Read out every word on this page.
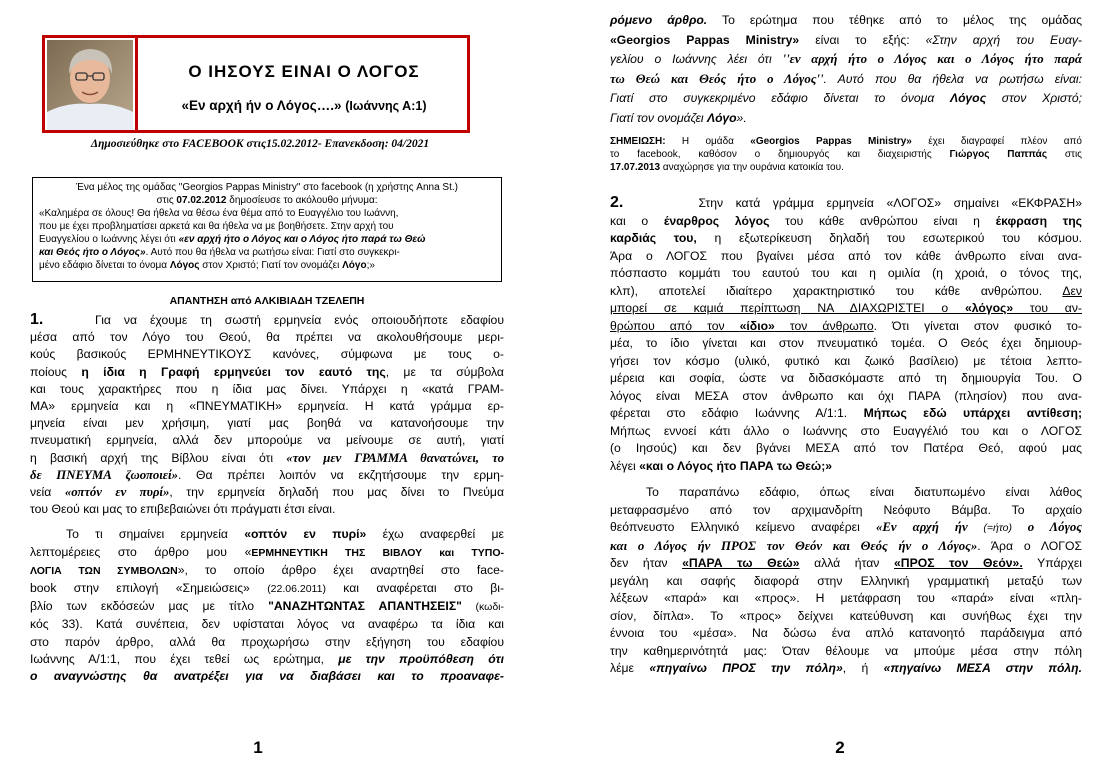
Ο ΙΗΣΟΥΣ ΕΙΝΑΙ Ο ΛΟΓΟΣ
«Εν αρχή ήν ο Λόγος….» (Ιωάννης Α:1)
Δημοσιεύθηκε στο FACEBOOK στις15.02.2012- Επανεκδοση: 04/2021

Ένα μέλος της ομάδας "Georgios Pappas Ministry" στο facebook (η χρήστης Anna St.)

στις 07.02.2012 δημοσίευσε το ακόλουθο μήνυμα:

«Καλημέρα σε όλους! Θα ήθελα να θέσω ένα θέμα από το Ευαγγέλιο του Ιωάννη,

που με έχει προβληματίσει αρκετά και θα ήθελα να με βοηθήσετε. Στην αρχή του

Ευαγγελίου ο Ιωάννης λέγει ότι «εν αρχή ήτο ο Λόγος και ο Λόγος ήτο παρά τω Θεώ

και Θεός ήτο ο Λόγος». Αυτό που θα ήθελα να ρωτήσω είναι: Γιατί στο συγκεκρι-

μένο εδάφιο δίνεται το όνομα Λόγος στον Χριστό; Γιατί τον ονομάζει Λόγο;»

ΑΠΑΝΤΗΣΗ από ΑΛΚΙΒΙΑΔΗ ΤΖΕΛΕΠΗ
1.	Για να έχουμε τη σωστή ερμηνεία ενός οποιουδήποτε εδαφίου
μέσα από τον Λόγο του Θεού, θα πρέπει να ακολουθήσουμε μερι-
κούς βασικούς ΕΡΜΗΝΕΥΤΙΚΟΥΣ κανόνες, σύμφωνα με τους ο-
ποίους η ίδια η Γραφή ερμηνεύει τον εαυτό της, με τα σύμβολα
και τους χαρακτήρες που η ίδια μας δίνει. Υπάρχει η «κατά ΓΡΑΜ-
ΜΑ» ερμηνεία και η «ΠΝΕΥΜΑΤΙΚΗ» ερμηνεία. Η κατά γράμμα ερ-
μηνεία είναι μεν χρήσιμη, γιατί μας βοηθά να κατανοήσουμε την
πνευματική ερμηνεία, αλλά δεν μπορούμε να μείνουμε σε αυτή, γιατί
η βασική αρχή της Βίβλου είναι ότι «τον μεν ΓΡΑΜΜΑ θανατώνει, το
δε ΠΝΕΥΜΑ ζωοποιεί». Θα πρέπει λοιπόν να εκζητήσουμε την ερμη-
νεία «οπτόν εν πυρί», την ερμηνεία δηλαδή που μας δίνει το Πνεύμα
του Θεού και μας το επιβεβαιώνει ότι πράγματι έτσι είναι.
Το τι σημαίνει ερμηνεία «οπτόν εν πυρί» έχω αναφερθεί με
λεπτομέρειες στο άρθρο μου «ΕΡΜΗΝΕΥΤΙΚΗ ΤΗΣ ΒΙΒΛΟΥ και ΤΥΠΟ-
ΛΟΓΙΑ ΤΩΝ ΣΥΜΒΟΛΩΝ», το οποίο άρθρο έχει αναρτηθεί στο face-
book στην επιλογή «Σημειώσεις» (22.06.2011) και αναφέρεται στο βι-
βλίο των εκδόσεών μας με τίτλο "ΑΝΑΖΗΤΩΝΤΑΣ ΑΠΑΝΤΗΣΕΙΣ" (κωδι-
κός 33). Κατά συνέπεια, δεν υφίσταται λόγος να αναφέρω τα ίδια και
στο παρόν άρθρο, αλλά θα προχωρήσω στην εξήγηση του εδαφίου
Ιωάννης Α/1:1, που έχει τεθεί ως ερώτημα, με την προϋπόθεση ότι
ο αναγνώστης θα ανατρέξει για να διαβάσει και το προαναφε-
1
ρόμενο άρθρο. Το ερώτημα που τέθηκε από το μέλος της ομάδας
«Georgios Pappas Ministry» είναι το εξής: «Στην αρχή του Ευαγ-
γελίου ο Ιωάννης λέει ότι ''εν αρχή ήτο ο Λόγος και ο Λόγος ήτο παρά
τω Θεώ και Θεός ήτο ο Λόγος''. Αυτό που θα ήθελα να ρωτήσω είναι:
Γιατί στο συγκεκριμένο εδάφιο δίνεται το όνομα Λόγος στον Χριστό;
Γιατί τον ονομάζει Λόγο».
ΣΗΜΕΙΩΣΗ: Η ομάδα «Georgios Pappas Ministry» έχει διαγραφεί πλέον από
το facebook, καθόσον ο δημιουργός και διαχειριστής Γιώργος Παππάς στις
17.07.2013 αναχώρησε για την ουράνια κατοικία του.
2.	Στην κατά γράμμα ερμηνεία «ΛΟΓΟΣ» σημαίνει «ΕΚΦΡΑΣΗ»
και ο έναρθρος λόγος του κάθε ανθρώπου είναι η έκφραση της
καρδιάς του, η εξωτερίκευση δηλαδή του εσωτερικού του κόσμου.
Άρα ο ΛΟΓΟΣ που βγαίνει μέσα από τον κάθε άνθρωπο είναι ανα-
πόσπαστο κομμάτι του εαυτού του και η ομιλία (η χροιά, ο τόνος της,
κλπ), αποτελεί ιδιαίτερο χαρακτηριστικό του κάθε ανθρώπου. Δεν
μπορεί σε καμιά περίπτωση ΝΑ ΔΙΑΧΩΡΙΣΤΕΙ ο «λόγος» του αν-
θρώπου από τον «ίδιο» τον άνθρωπο. Ότι γίνεται στον φυσικό το-
μέα, το ίδιο γίνεται και στον πνευματικό τομέα. Ο Θεός έχει δημιουρ-
γήσει τον κόσμο (υλικό, φυτικό και ζωικό βασίλειο) με τέτοια λεπτο-
μέρεια και σοφία, ώστε να διδασκόμαστε από τη δημιουργία Του. Ο
λόγος είναι ΜΕΣΑ στον άνθρωπο και όχι ΠΑΡΑ (πλησίον) που ανα-
φέρεται στο εδάφιο Ιωάννης Α/1:1. Μήπως εδώ υπάρχει αντίθεση;
Μήπως εννοεί κάτι άλλο ο Ιωάννης στο Ευαγγέλιό του και ο ΛΟΓΟΣ
(ο Ιησούς) και δεν βγάνει ΜΕΣΑ από τον Πατέρα Θεό, αφού μας
λέγει «και ο Λόγος ήτο ΠΑΡΑ τω Θεώ;»
Το παραπάνω εδάφιο, όπως είναι διατυπωμένο είναι λάθος
μεταφρασμένο από τον αρχιμανδρίτη Νεόφυτο Βάμβα. Το αρχαίο
θεόπνευστο Ελληνικό κείμενο αναφέρει «Εν αρχή ήν (=ήτο) ο Λόγος
και ο Λόγος ήν ΠΡΟΣ τον Θεόν και Θεός ήν ο Λόγος». Άρα ο ΛΟΓΟΣ
δεν ήταν «ΠΑΡΑ τω Θεώ» αλλά ήταν «ΠΡΟΣ τον Θεόν». Υπάρχει
μεγάλη και σαφής διαφορά στην Ελληνική γραμματική μεταξύ των
λέξεων «παρά» και «προς». Η μετάφραση του «παρά» είναι «πλη-
σίον, δίπλα». Το «προς» δείχνει κατεύθυνση και συνήθως έχει την
έννοια του «μέσα». Να δώσω ένα απλό κατανοητό παράδειγμα από
την καθημερινότητά μας: Όταν θέλουμε να μπούμε μέσα στην πόλη
λέμε «πηγαίνω ΠΡΟΣ την πόλη», ή «πηγαίνω ΜΕΣΑ στην πόλη.
2
